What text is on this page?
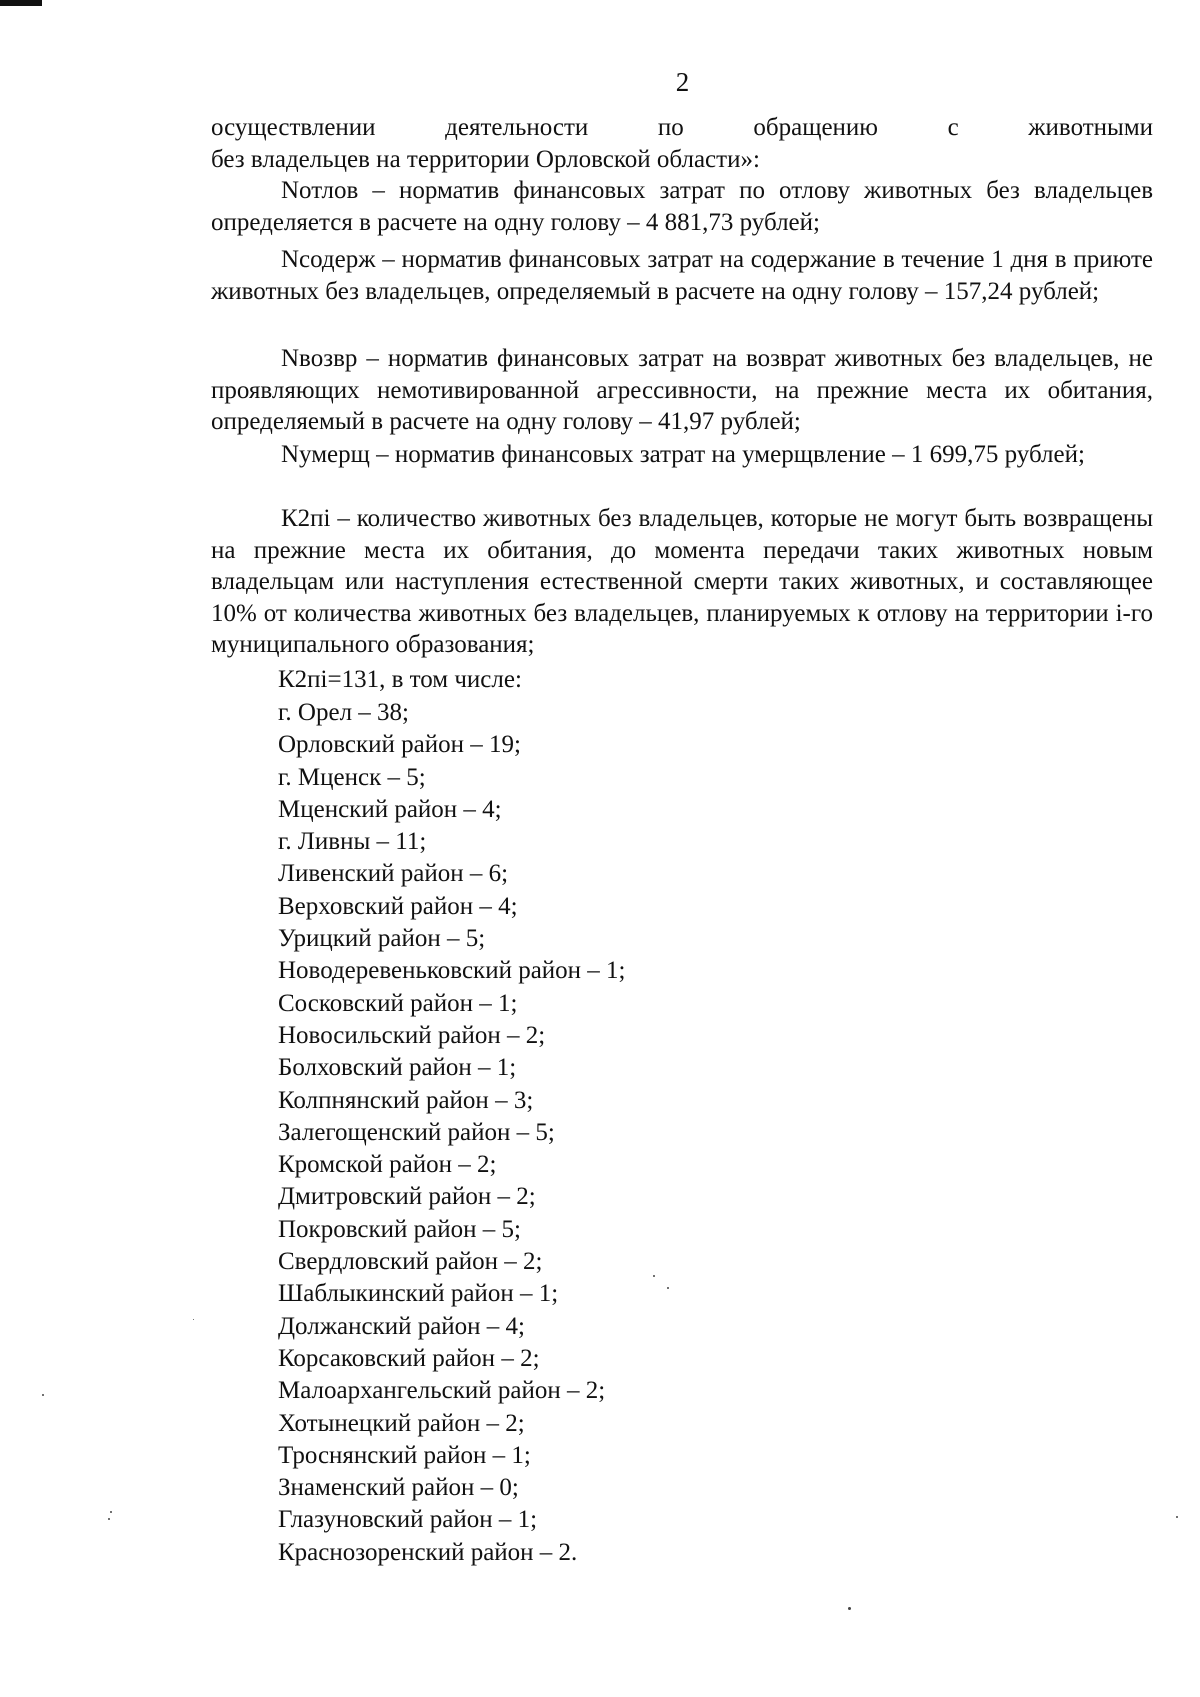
2

осуществлении	деятельности	по	обращению	с	животными

без владельцев на территории Орловской области»:

Nотлов – норматив финансовых затрат по отлову животных без владельцев определяется в расчете на одну голову – 4 881,73 рублей;

Nсодерж – норматив финансовых затрат на содержание в течение 1 дня в приюте животных без владельцев, определяемый в расчете на одну голову – 157,24 рублей;

Nвозвр – норматив финансовых затрат на возврат животных без владельцев, не проявляющих немотивированной агрессивности, на прежние места их обитания, определяемый в расчете на одну голову – 41,97 рублей;

Nумерщ – норматив финансовых затрат на умерщвление – 1 699,75 рублей;

К2пi – количество животных без владельцев, которые не могут быть возвращены на прежние места их обитания, до момента передачи таких животных новым владельцам или наступления естественной смерти таких животных, и составляющее 10% от количества животных без владельцев, планируемых к отлову на территории i-го муниципального образования;

К2пi=131, в том числе:

г. Орел – 38;
Орловский район – 19;
г. Мценск – 5;
Мценский район – 4;
г. Ливны – 11;
Ливенский район – 6;
Верховский район – 4;
Урицкий район – 5;
Новодеревеньковский район – 1;
Сосковский район – 1;
Новосильский район – 2;
Болховский район – 1;
Колпнянский район – 3;
Залегощенский район – 5;
Кромской район – 2;
Дмитровский район – 2;
Покровский район – 5;
Свердловский район – 2;
Шаблыкинский район – 1;
Должанский район – 4;
Корсаковский район – 2;
Малоархангельский район – 2;
Хотынецкий район – 2;
Троснянский район – 1;
Знаменский район – 0;
Глазуновский район – 1;
Краснозоренский район – 2.
